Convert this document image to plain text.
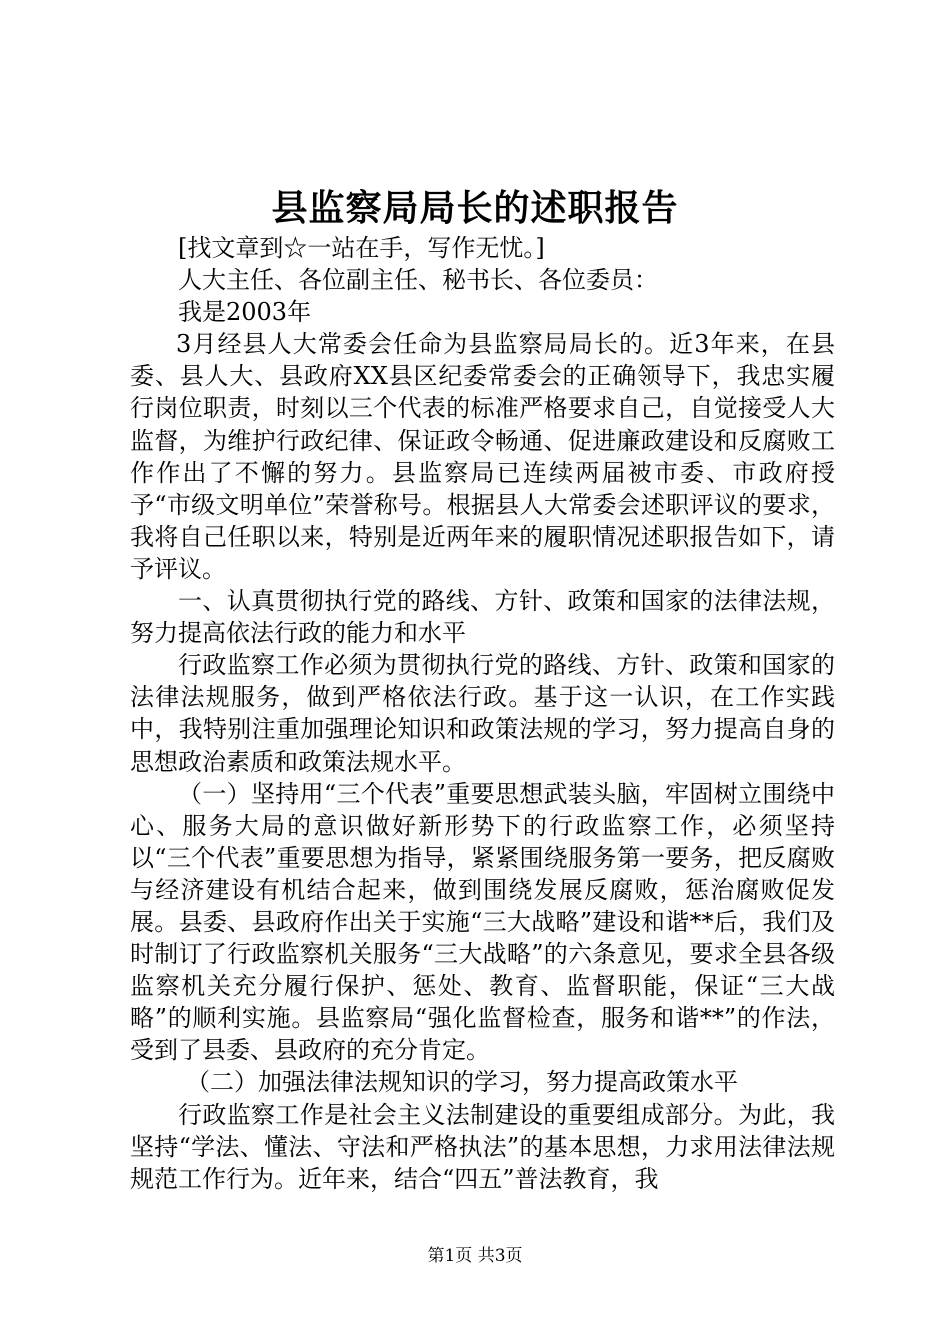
县监察局局长的述职报告

[找文章到☆一站在手，写作无忧。]

人大主任、各位副主任、秘书长、各位委员：

我是2003年

3月经县人大常委会任命为县监察局局长的。近3年来，在县委、县人大、县政府XX县区纪委常委会的正确领导下，我忠实履行岗位职责，时刻以三个代表的标准严格要求自己，自觉接受人大监督，为维护行政纪律、保证政令畅通、促进廉政建设和反腐败工作作出了不懈的努力。县监察局已连续两届被市委、市政府授予“市级文明单位”荣誉称号。根据县人大常委会述职评议的要求，我将自己任职以来，特别是近两年来的履职情况述职报告如下，请予评议。

一、认真贯彻执行党的路线、方针、政策和国家的法律法规，努力提高依法行政的能力和水平

行政监察工作必须为贯彻执行党的路线、方针、政策和国家的法律法规服务，做到严格依法行政。基于这一认识，在工作实践中，我特别注重加强理论知识和政策法规的学习，努力提高自身的思想政治素质和政策法规水平。

（一）坚持用“三个代表”重要思想武装头脑，牢固树立围绕中心、服务大局的意识做好新形势下的行政监察工作，必须坚持以“三个代表”重要思想为指导，紧紧围绕服务第一要务，把反腐败与经济建设有机结合起来，做到围绕发展反腐败，惩治腐败促发展。县委、县政府作出关于实施“三大战略”建设和谐**后，我们及时制订了行政监察机关服务“三大战略”的六条意见，要求全县各级监察机关充分履行保护、惩处、教育、监督职能，保证“三大战略”的顺利实施。县监察局“强化监督检查，服务和谐**”的作法，受到了县委、县政府的充分肯定。

（二）加强法律法规知识的学习，努力提高政策水平

行政监察工作是社会主义法制建设的重要组成部分。为此，我坚持“学法、懂法、守法和严格执法”的基本思想，力求用法律法规规范工作行为。近年来，结合“四五”普法教育，我

第1页 共3页
